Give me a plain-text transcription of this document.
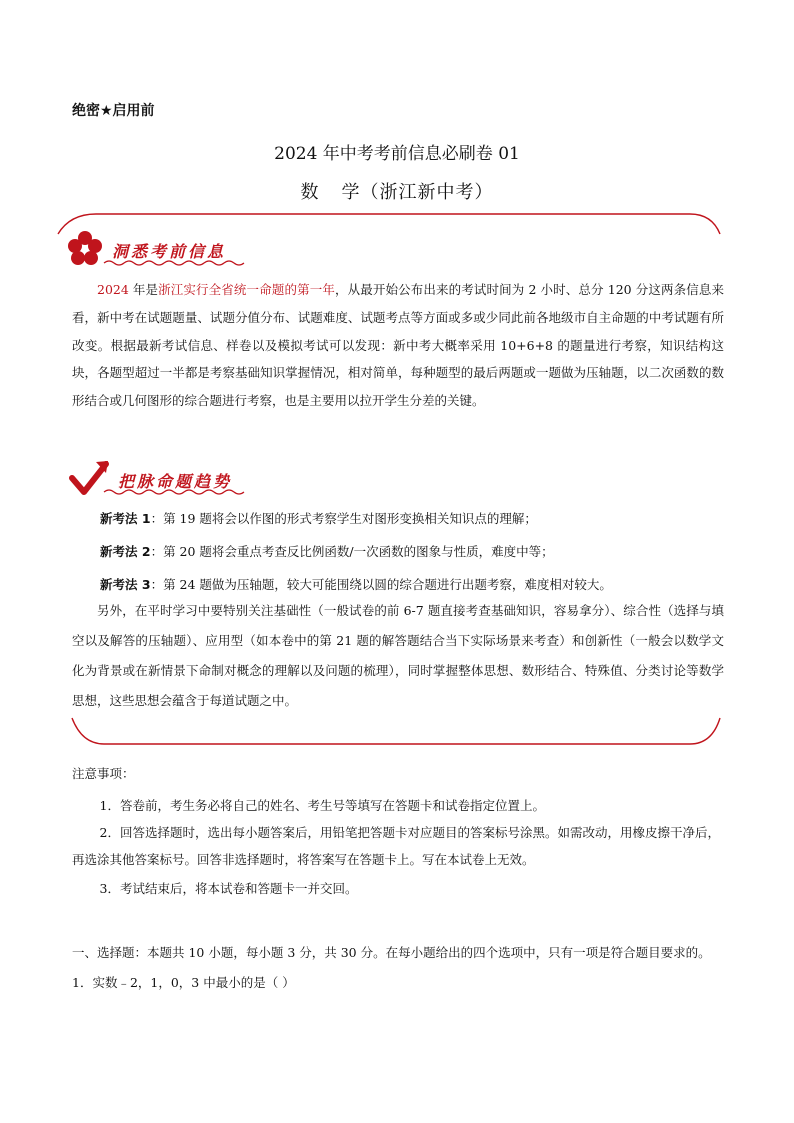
绝密★启用前
2024 年中考考前信息必刷卷 01
数 学（浙江新中考）
洞悉考前信息

2024 年是浙江实行全省统一命题的第一年，从最开始公布出来的考试时间为 2 小时、总分 120 分这两条信息来看，新中考在试题题量、试题分值分布、试题难度、试题考点等方面或多或少同此前各地级市自主命题的中考试题有所改变。根据最新考试信息、样卷以及模拟考试可以发现：新中考大概率采用 10+6+8 的题量进行考察，知识结构这块，各题型超过一半都是考察基础知识掌握情况，相对简单，每种题型的最后两题或一题做为压轴题，以二次函数的数形结合或几何图形的综合题进行考察，也是主要用以拉开学生分差的关键。

把脉命题趋势
新考法 1：第 19 题将会以作图的形式考察学生对图形变换相关知识点的理解；
新考法 2：第 20 题将会重点考查反比例函数/一次函数的图象与性质，难度中等；
新考法 3：第 24 题做为压轴题，较大可能围绕以圆的综合题进行出题考察，难度相对较大。

另外，在平时学习中要特别关注基础性（一般试卷的前 6-7 题直接考查基础知识，容易拿分）、综合性（选择与填空以及解答的压轴题）、应用型（如本卷中的第 21 题的解答题结合当下实际场景来考查）和创新性（一般会以数学文化为背景或在新情景下命制对概念的理解以及问题的梳理），同时掌握整体思想、数形结合、特殊值、分类讨论等数学思想，这些思想会蕴含于每道试题之中。

注意事项：

1．答卷前，考生务必将自己的姓名、考生号等填写在答题卡和试卷指定位置上。

2．回答选择题时，选出每小题答案后，用铅笔把答题卡对应题目的答案标号涂黑。如需改动，用橡皮擦干净后，再选涂其他答案标号。回答非选择题时，将答案写在答题卡上。写在本试卷上无效。

3．考试结束后，将本试卷和答题卡一并交回。

一、选择题：本题共 10 小题，每小题 3 分，共 30 分。在每小题给出的四个选项中，只有一项是符合题目要求的。

1．实数﹣2，1，0，3 中最小的是（ ）
